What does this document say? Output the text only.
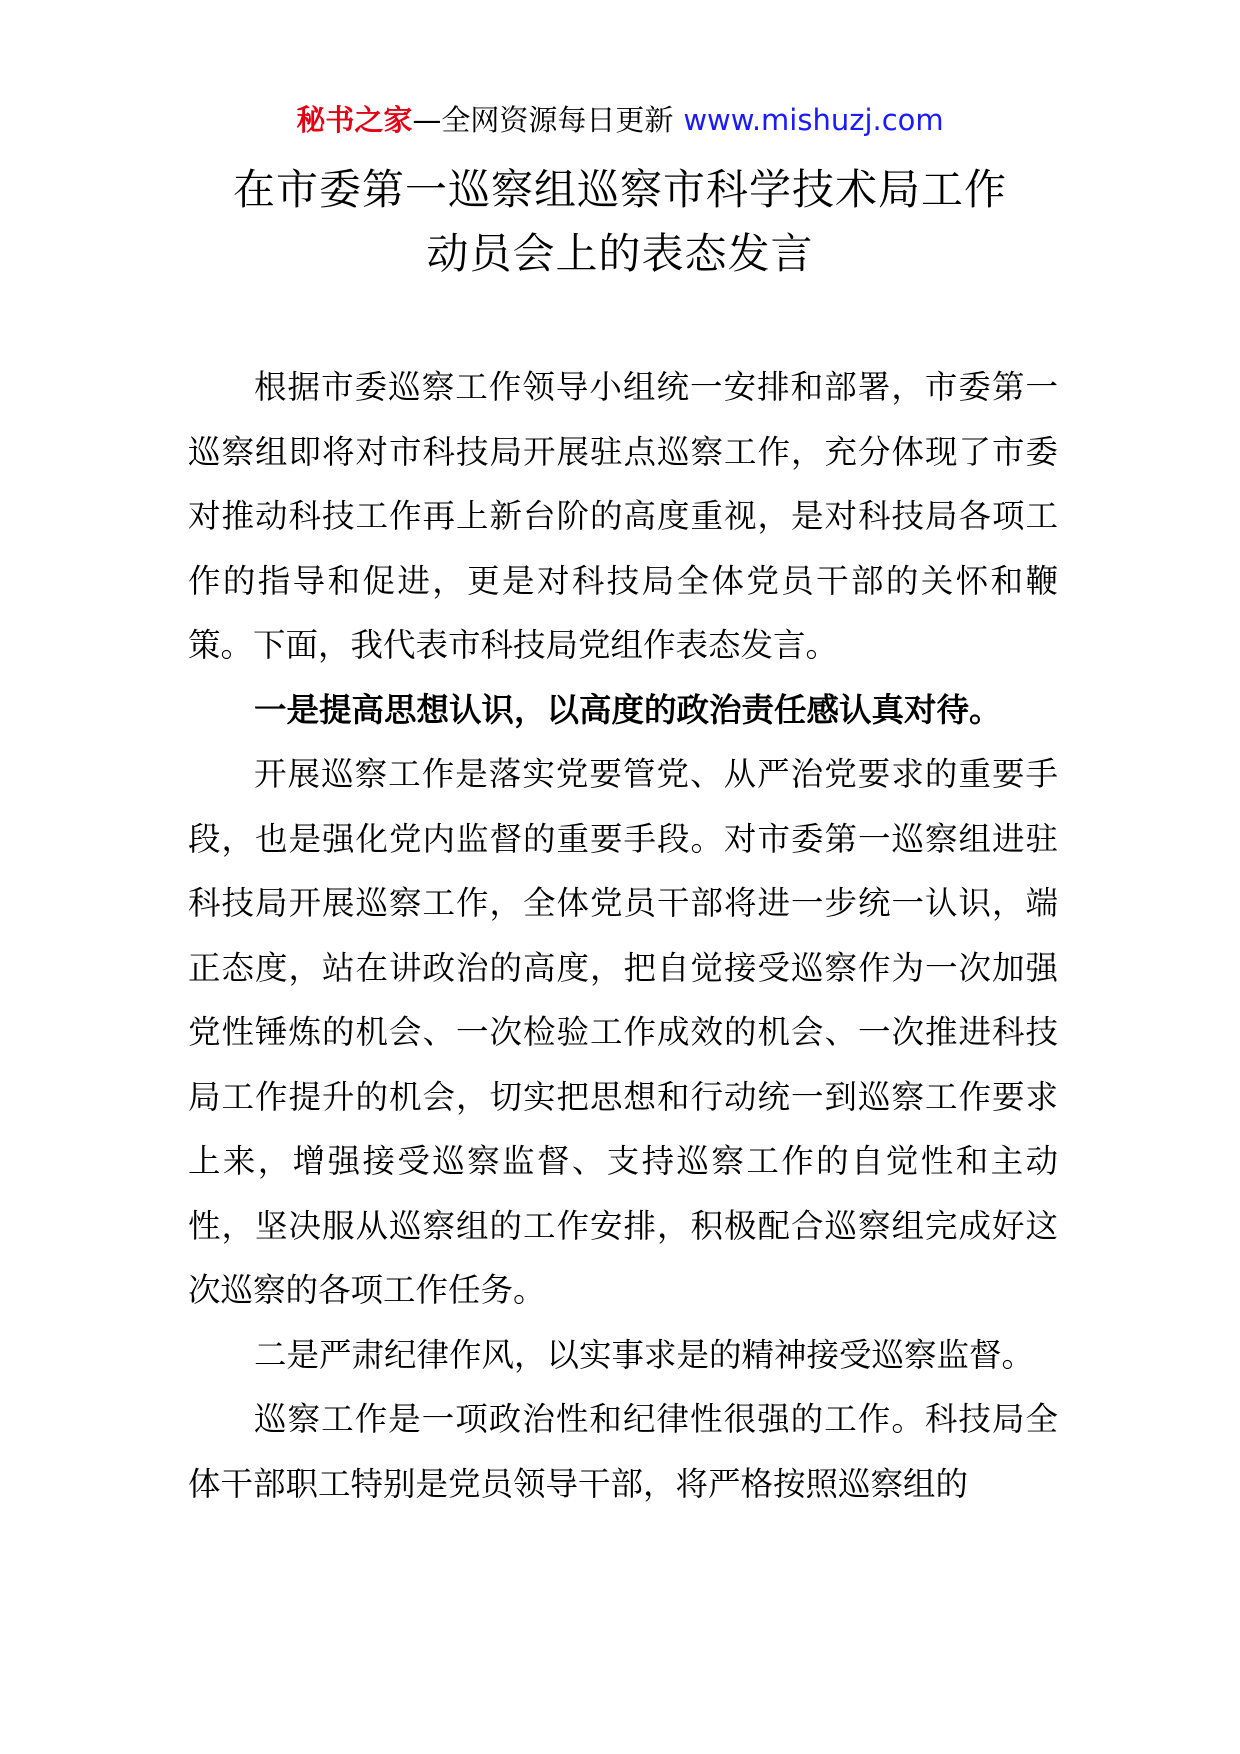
秘书之家—全网资源每日更新 www.mishuzj.com
在市委第一巡察组巡察市科学技术局工作
动员会上的表态发言

根据市委巡察工作领导小组统一安排和部署，市委第一巡察组即将对市科技局开展驻点巡察工作，充分体现了市委对推动科技工作再上新台阶的高度重视，是对科技局各项工作的指导和促进，更是对科技局全体党员干部的关怀和鞭策。下面，我代表市科技局党组作表态发言。

一是提高思想认识，以高度的政治责任感认真对待。

开展巡察工作是落实党要管党、从严治党要求的重要手段，也是强化党内监督的重要手段。对市委第一巡察组进驻科技局开展巡察工作，全体党员干部将进一步统一认识，端正态度，站在讲政治的高度，把自觉接受巡察作为一次加强党性锤炼的机会、一次检验工作成效的机会、一次推进科技局工作提升的机会，切实把思想和行动统一到巡察工作要求上来，增强接受巡察监督、支持巡察工作的自觉性和主动性，坚决服从巡察组的工作安排，积极配合巡察组完成好这次巡察的各项工作任务。

二是严肃纪律作风，以实事求是的精神接受巡察监督。

巡察工作是一项政治性和纪律性很强的工作。科技局全体干部职工特别是党员领导干部，将严格按照巡察组的
